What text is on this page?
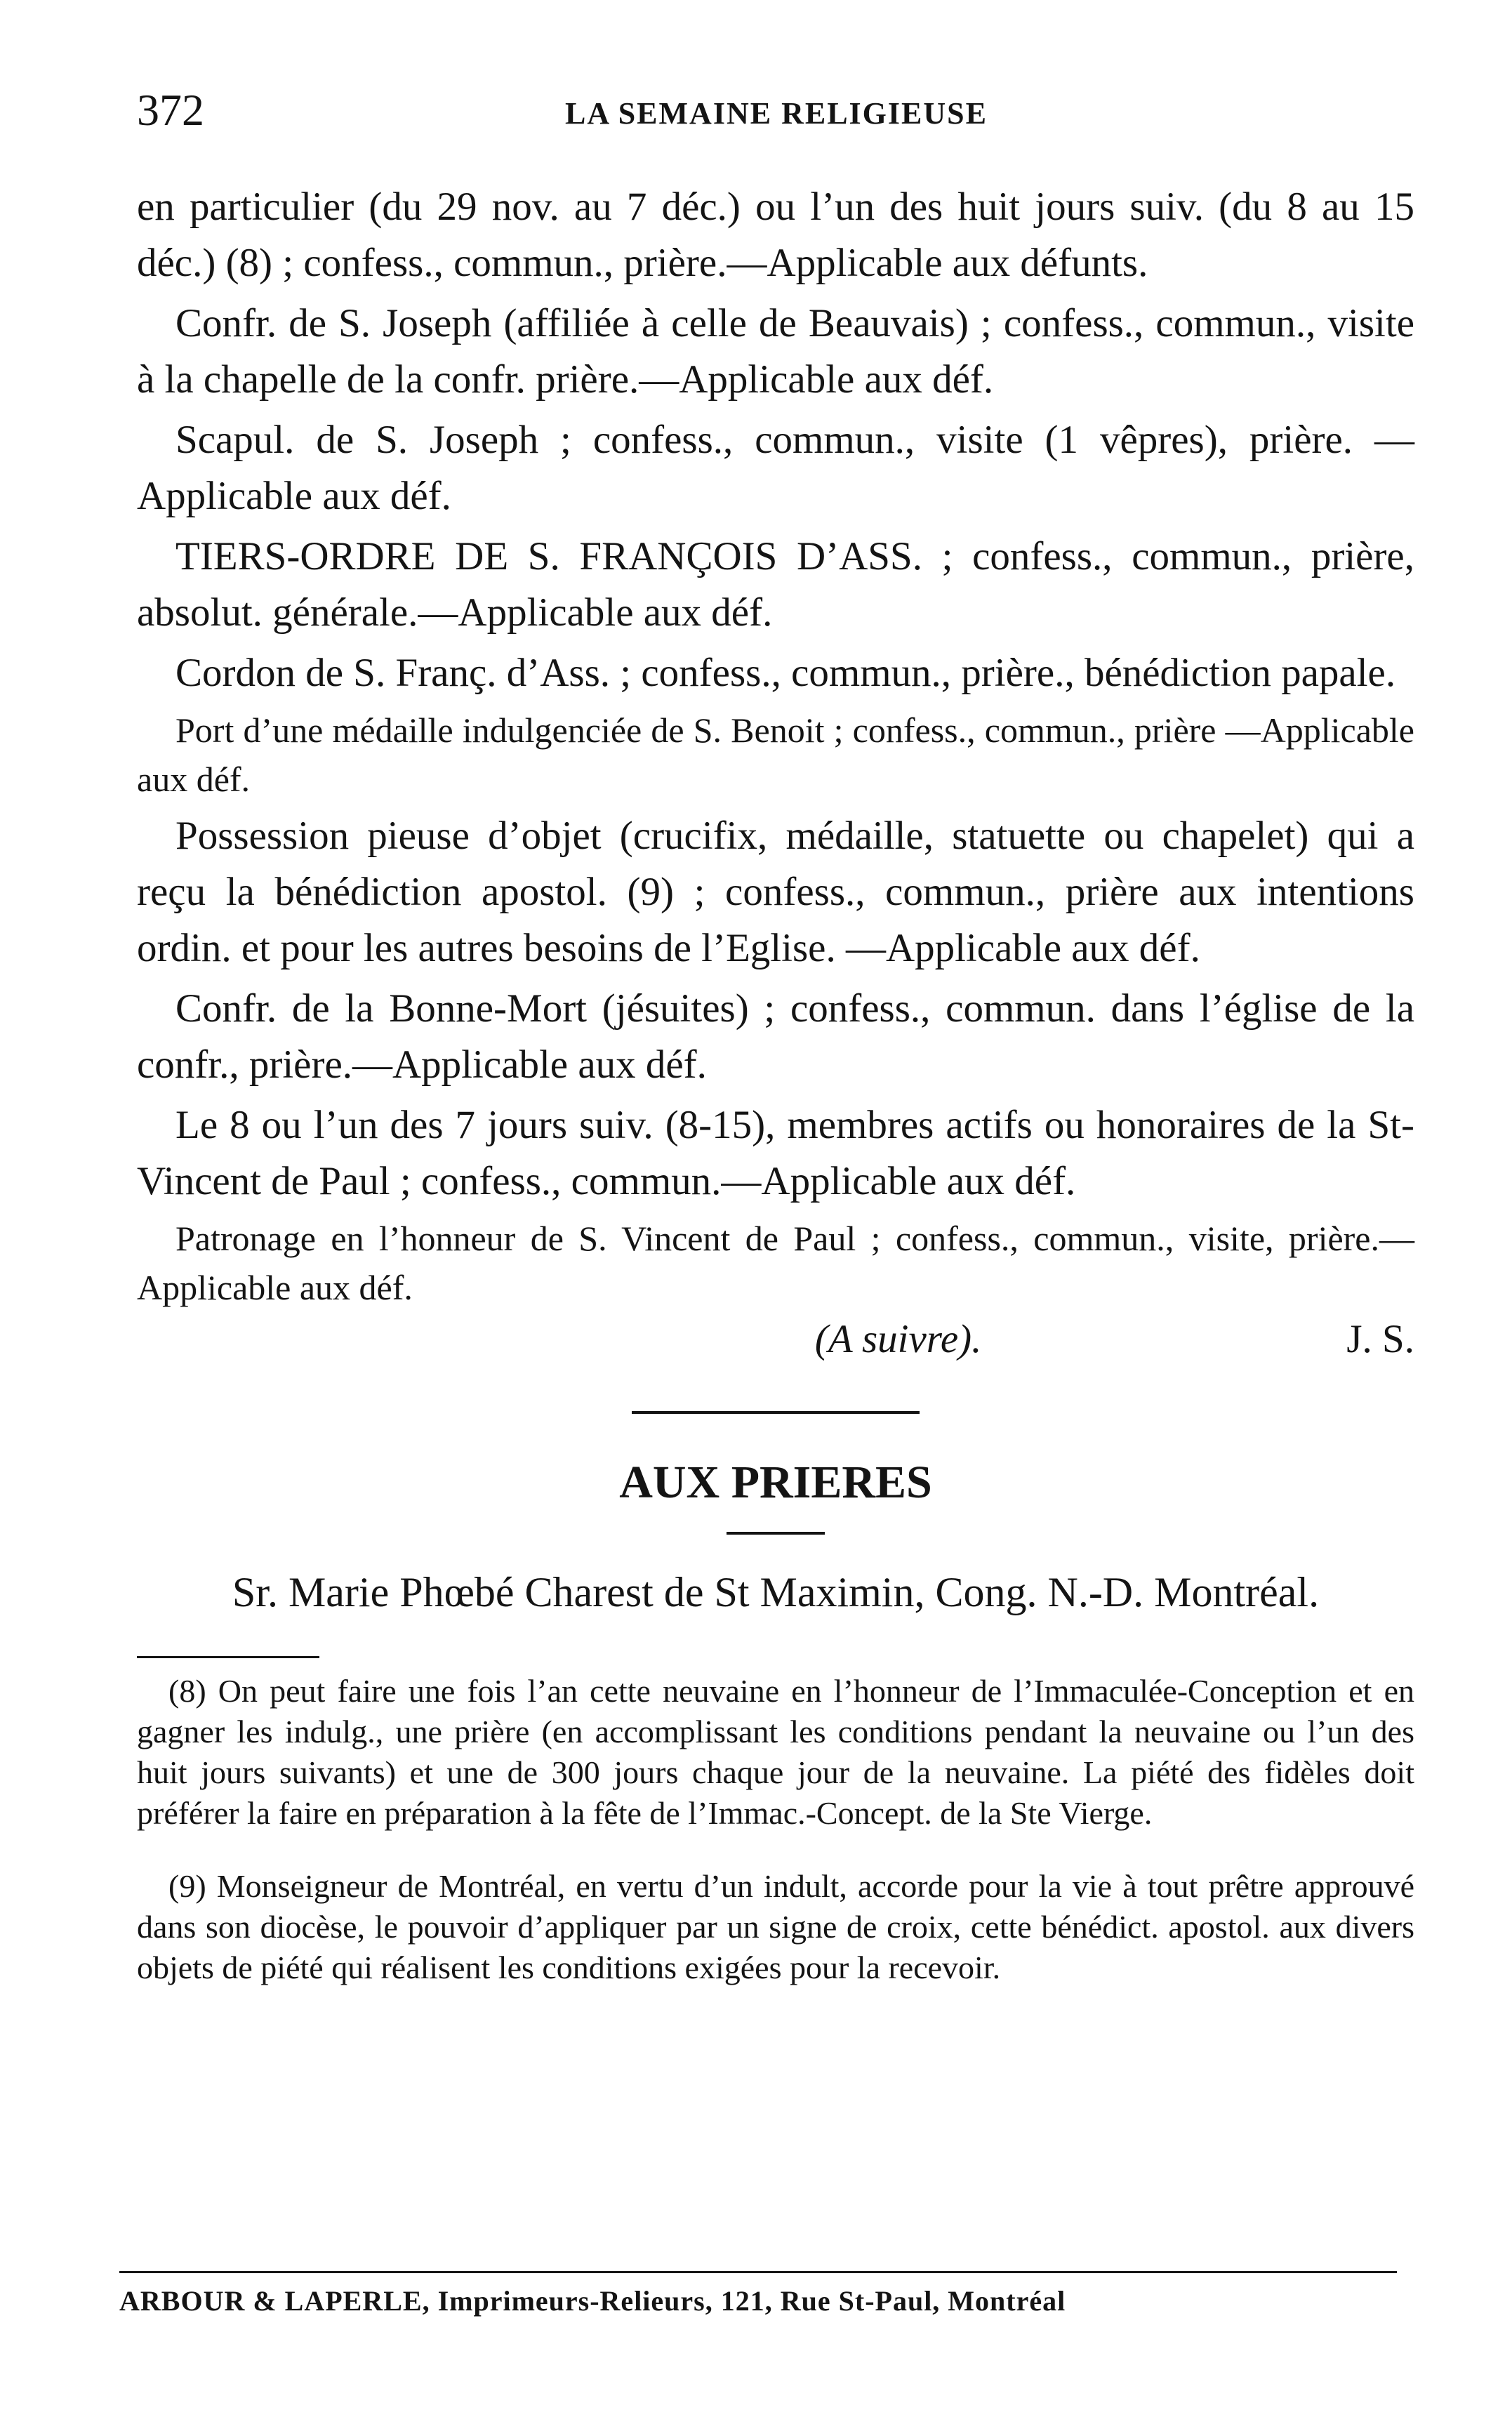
372	LA SEMAINE RELIGIEUSE

en particulier (du 29 nov. au 7 déc.) ou l’un des huit jours suiv. (du 8 au 15 déc.) (8) ; confess., commun., prière.—Applicable aux défunts.

Confr. de S. Joseph (affiliée à celle de Beauvais) ; confess., commun., visite à la chapelle de la confr. prière.—Applicable aux déf.

Scapul. de S. Joseph ; confess., commun., visite (1 vêpres), prière. —Applicable aux déf.

TIERS-ORDRE DE S. FRANÇOIS D’ASS. ; confess., commun., prière, absolut. générale.—Applicable aux déf.

Cordon de S. Franç. d’Ass. ; confess., commun., prière., bénédiction papale.

Port d’une médaille indulgenciée de S. Benoit ; confess., commun., prière —Applicable aux déf.

Possession pieuse d’objet (crucifix, médaille, statuette ou chapelet) qui a reçu la bénédiction apostol. (9) ; confess., commun., prière aux intentions ordin. et pour les autres besoins de l’Eglise. —Applicable aux déf.

Confr. de la Bonne-Mort (jésuites) ; confess., commun. dans l’église de la confr., prière.—Applicable aux déf.

Le 8 ou l’un des 7 jours suiv. (8-15), membres actifs ou honoraires de la St-Vincent de Paul ; confess., commun.—Applicable aux déf.

Patronage en l’honneur de S. Vincent de Paul ; confess., commun., visite, prière.—Applicable aux déf.

(A suivre).	J. S.
AUX PRIERES
Sr. Marie Phœbé Charest de St Maximin, Cong. N.-D. Montréal.

(8) On peut faire une fois l’an cette neuvaine en l’honneur de l’Immaculée-Conception et en gagner les indulg., une prière (en accomplissant les conditions pendant la neuvaine ou l’un des huit jours suivants) et une de 300 jours chaque jour de la neuvaine. La piété des fidèles doit préférer la faire en préparation à la fête de l’Immac.-Concept. de la Ste Vierge.

(9) Monseigneur de Montréal, en vertu d’un indult, accorde pour la vie à tout prêtre approuvé dans son diocèse, le pouvoir d’appliquer par un signe de croix, cette bénédict. apostol. aux divers objets de piété qui réalisent les conditions exigées pour la recevoir.

ARBOUR & LAPERLE, Imprimeurs-Relieurs, 121, Rue St-Paul, Montréal
